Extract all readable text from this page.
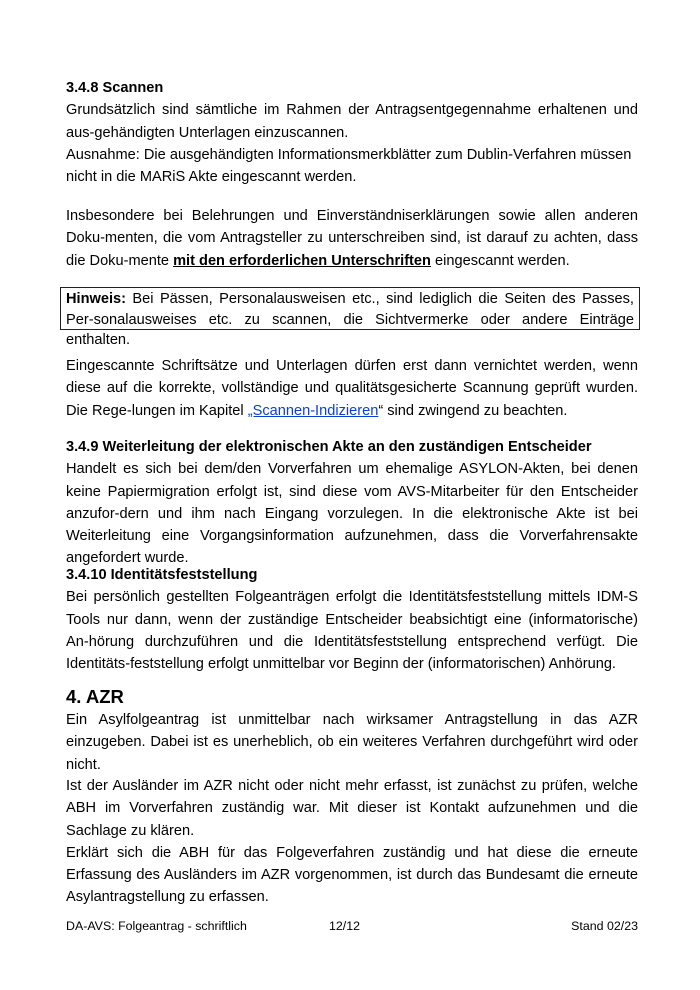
3.4.8 Scannen
Grundsätzlich sind sämtliche im Rahmen der Antragsentgegennahme erhaltenen und aus-gehändigten Unterlagen einzuscannen.
Ausnahme: Die ausgehändigten Informationsmerkblätter zum Dublin-Verfahren müssen nicht in die MARiS Akte eingescannt werden.
Insbesondere bei Belehrungen und Einverständniserklärungen sowie allen anderen Doku-menten, die vom Antragsteller zu unterschreiben sind, ist darauf zu achten, dass die Doku-mente mit den erforderlichen Unterschriften eingescannt werden.
Hinweis: Bei Pässen, Personalausweisen etc., sind lediglich die Seiten des Passes, Per-sonalausweises etc. zu scannen, die Sichtvermerke oder andere Einträge enthalten.
Eingescannte Schriftsätze und Unterlagen dürfen erst dann vernichtet werden, wenn diese auf die korrekte, vollständige und qualitätsgesicherte Scannung geprüft wurden. Die Rege-lungen im Kapitel „Scannen-Indizieren“ sind zwingend zu beachten.
3.4.9 Weiterleitung der elektronischen Akte an den zuständigen Entscheider
Handelt es sich bei dem/den Vorverfahren um ehemalige ASYLON-Akten, bei denen keine Papiermigration erfolgt ist, sind diese vom AVS-Mitarbeiter für den Entscheider anzufor-dern und ihm nach Eingang vorzulegen. In die elektronische Akte ist bei Weiterleitung eine Vorgangsinformation aufzunehmen, dass die Vorverfahrensakte angefordert wurde.
3.4.10 Identitätsfeststellung
Bei persönlich gestellten Folgeanträgen erfolgt die Identitätsfeststellung mittels IDM-S Tools nur dann, wenn der zuständige Entscheider beabsichtigt eine (informatorische) An-hörung durchzuführen und die Identitätsfeststellung entsprechend verfügt. Die Identitäts-feststellung erfolgt unmittelbar vor Beginn der (informatorischen) Anhörung.
4. AZR
Ein Asylfolgeantrag ist unmittelbar nach wirksamer Antragstellung in das AZR einzugeben. Dabei ist es unerheblich, ob ein weiteres Verfahren durchgeführt wird oder nicht.
Ist der Ausländer im AZR nicht oder nicht mehr erfasst, ist zunächst zu prüfen, welche ABH im Vorverfahren zuständig war. Mit dieser ist Kontakt aufzunehmen und die Sachlage zu klären.
Erklärt sich die ABH für das Folgeverfahren zuständig und hat diese die erneute Erfassung des Ausländers im AZR vorgenommen, ist durch das Bundesamt die erneute Asylantragstellung zu erfassen.
DA-AVS: Folgeantrag - schriftlich	12/12	Stand 02/23
